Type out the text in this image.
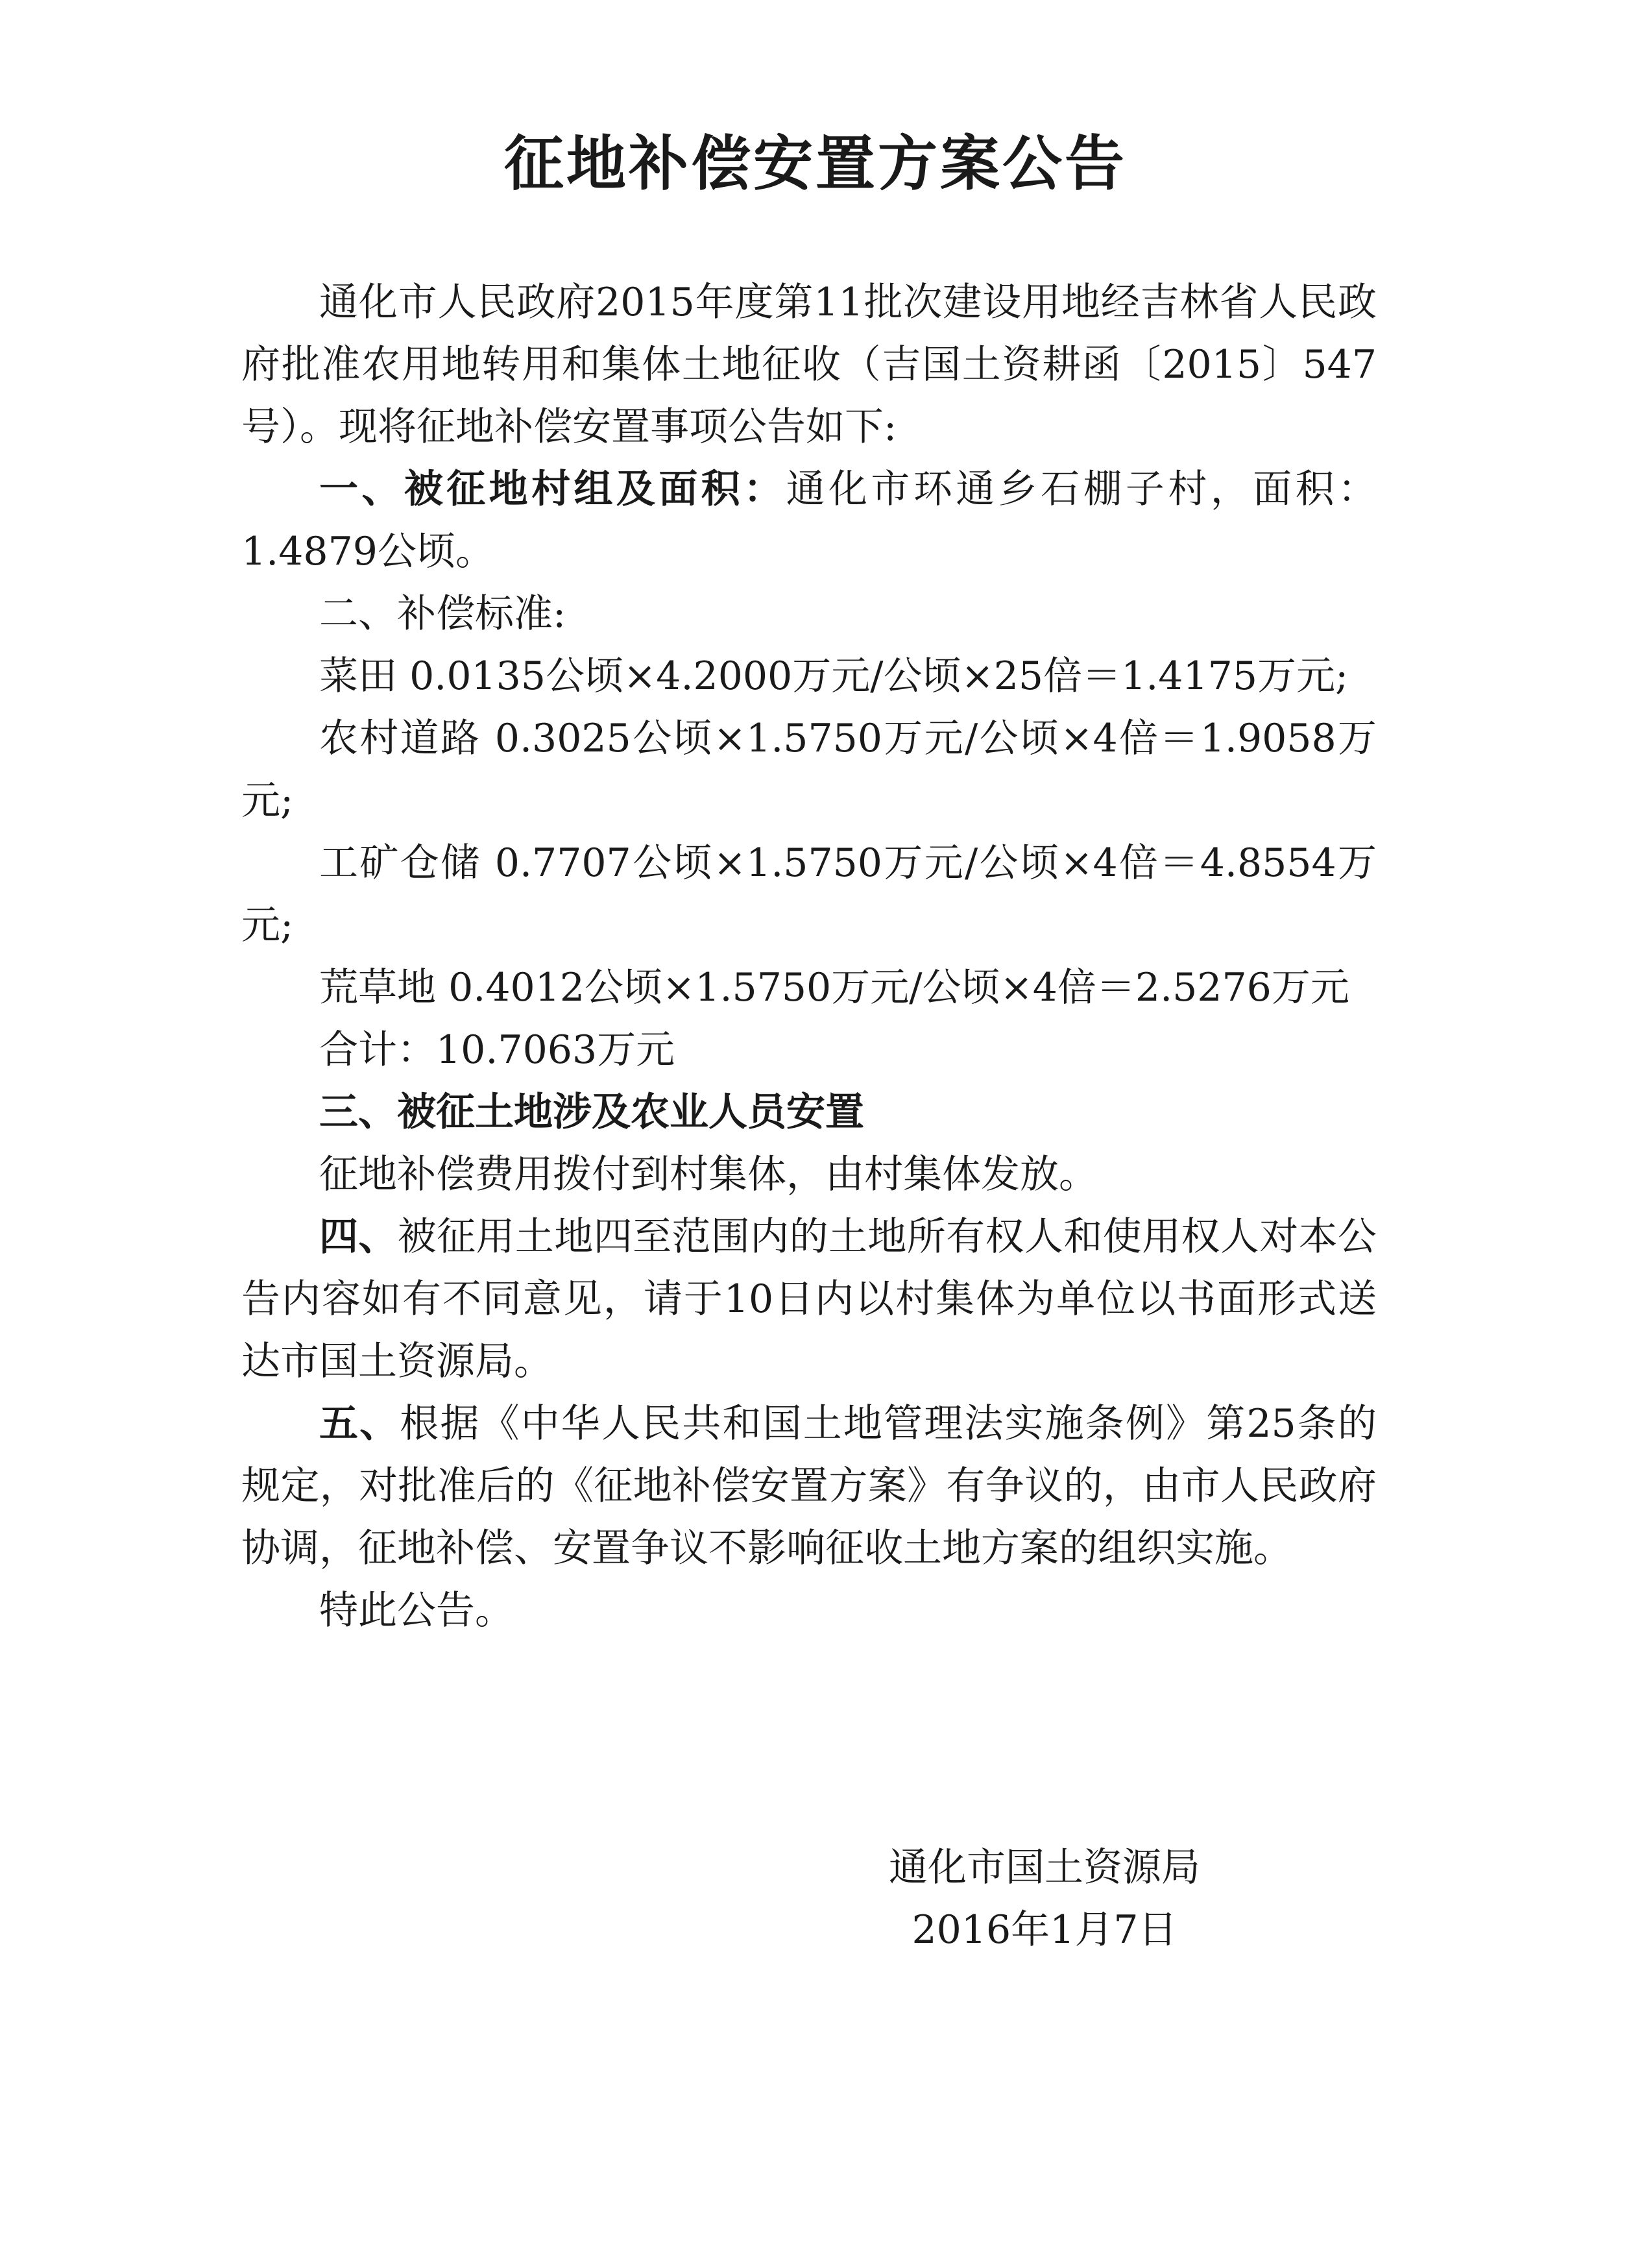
征地补偿安置方案公告

通化市人民政府2015年度第11批次建设用地经吉林省人民政府批准农用地转用和集体土地征收（吉国土资耕函〔2015〕547号）。现将征地补偿安置事项公告如下:

一、被征地村组及面积：通化市环通乡石棚子村，面积：1.4879公顷。

二、补偿标准:

菜田 0.0135公顷×4.2000万元/公顷×25倍＝1.4175万元;

农村道路 0.3025公顷×1.5750万元/公顷×4倍＝1.9058万元;

工矿仓储 0.7707公顷×1.5750万元/公顷×4倍＝4.8554万元;

荒草地 0.4012公顷×1.5750万元/公顷×4倍＝2.5276万元

合计：10.7063万元

三、被征土地涉及农业人员安置

征地补偿费用拨付到村集体，由村集体发放。

四、被征用土地四至范围内的土地所有权人和使用权人对本公告内容如有不同意见，请于10日内以村集体为单位以书面形式送达市国土资源局。

五、根据《中华人民共和国土地管理法实施条例》第25条的规定，对批准后的《征地补偿安置方案》有争议的，由市人民政府协调，征地补偿、安置争议不影响征收土地方案的组织实施。

特此公告。

通化市国土资源局
2016年1月7日
